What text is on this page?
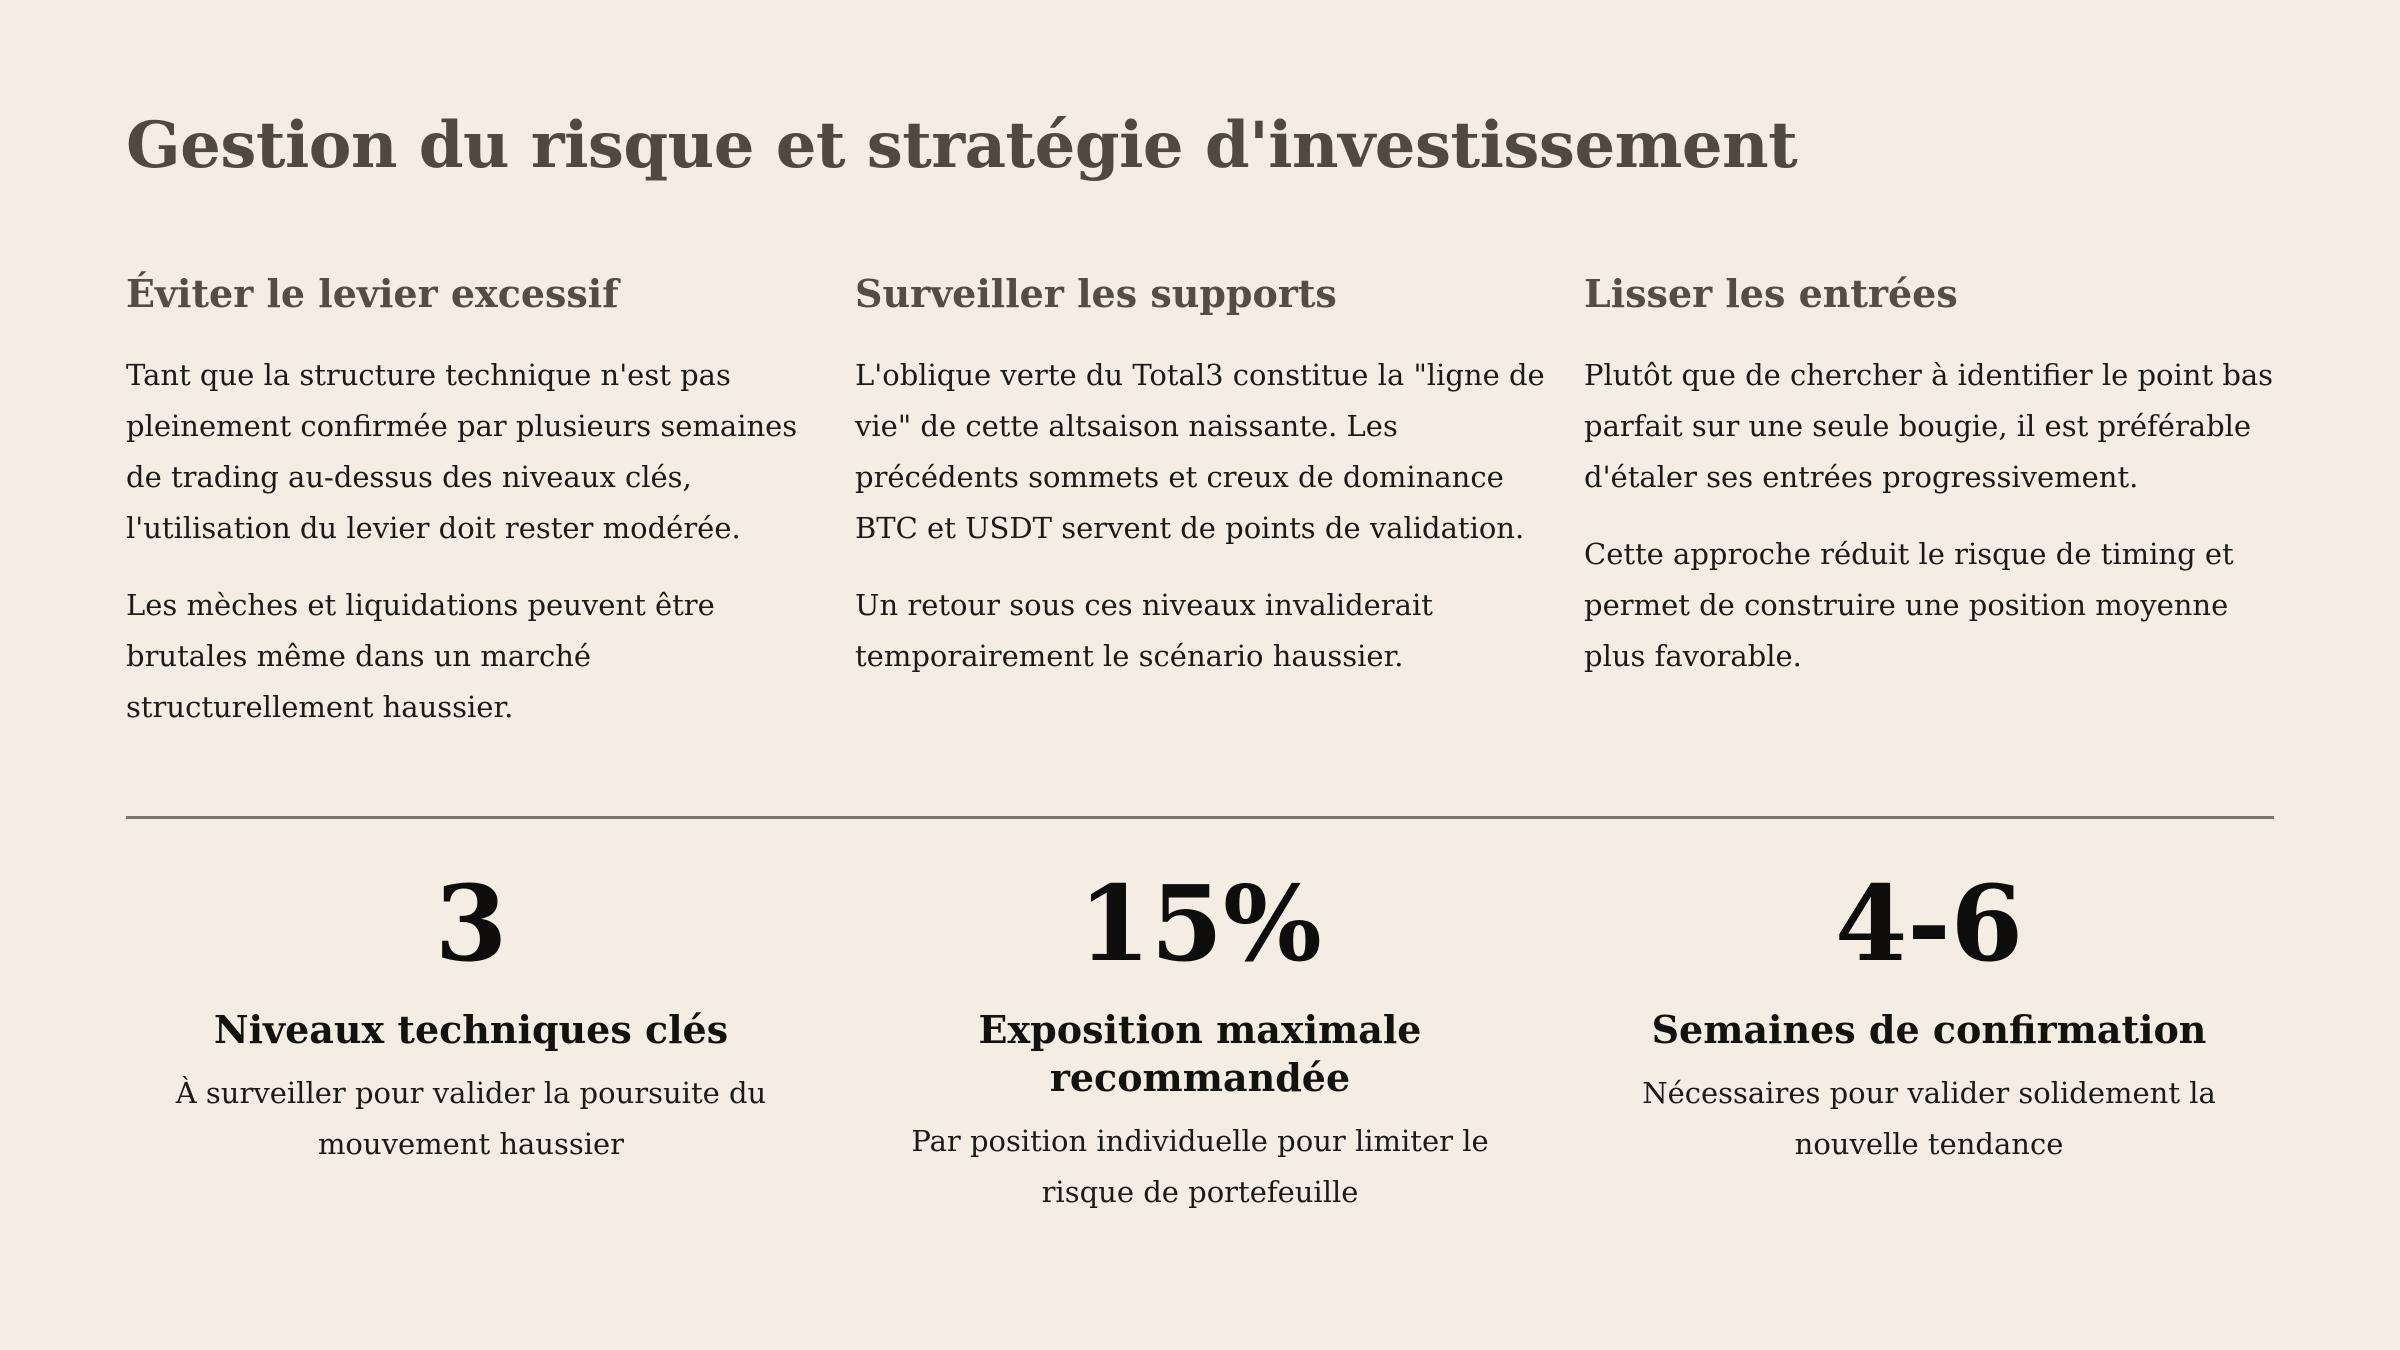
Gestion du risque et stratégie d'investissement
Éviter le levier excessif

Tant que la structure technique n'est pas pleinement confirmée par plusieurs semaines de trading au-dessus des niveaux clés, l'utilisation du levier doit rester modérée.

Les mèches et liquidations peuvent être brutales même dans un marché structurellement haussier.

Surveiller les supports

L'oblique verte du Total3 constitue la "ligne de vie" de cette altsaison naissante. Les précédents sommets et creux de dominance BTC et USDT servent de points de validation.

Un retour sous ces niveaux invaliderait temporairement le scénario haussier.

Lisser les entrées

Plutôt que de chercher à identifier le point bas parfait sur une seule bougie, il est préférable d'étaler ses entrées progressivement.

Cette approche réduit le risque de timing et permet de construire une position moyenne plus favorable.

3
Niveaux techniques clés

À surveiller pour valider la poursuite du mouvement haussier

15%
Exposition maximale recommandée

Par position individuelle pour limiter le risque de portefeuille

4-6
Semaines de confirmation

Nécessaires pour valider solidement la nouvelle tendance
